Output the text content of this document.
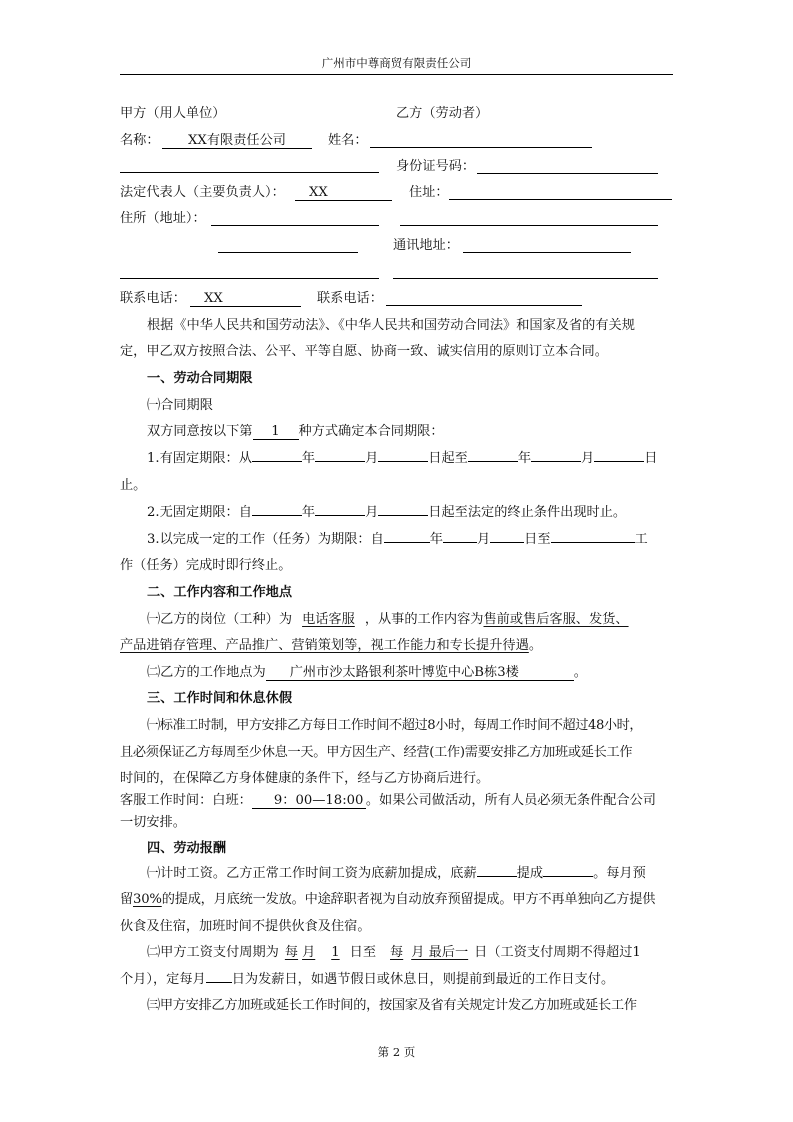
广州市中尊商贸有限责任公司
甲方（用人单位）	乙方（劳动者）
名称：	XX有限责任公司	姓名：
身份证号码：
法定代表人（主要负责人）：	XX	住址：
住所（地址）：
通讯地址：
联系电话：	XX	联系电话：
根据《中华人民共和国劳动法》、《中华人民共和国劳动合同法》和国家及省的有关规
定，甲乙双方按照合法、公平、平等自愿、协商一致、诚实信用的原则订立本合同。
一、劳动合同期限
㈠合同期限
双方同意按以下第 1 种方式确定本合同期限：
1.有固定期限：从	年	月	日起至	年	月	日
止。
2.无固定期限：自	年	月	日起至法定的终止条件出现时止。
3.以完成一定的工作（任务）为期限：自	年	月	日至	工
作（任务）完成时即行终止。
二、工作内容和工作地点
㈠乙方的岗位（工种）为 电话客服 ，从事的工作内容为售前或售后客服、发货、
产品进销存管理、产品推广、营销策划等，视工作能力和专长提升待遇。
㈡乙方的工作地点为 广州市沙太路银利茶叶博览中心B栋3楼	。
三、工作时间和休息休假
㈠标准工时制，甲方安排乙方每日工作时间不超过8小时，每周工作时间不超过48小时，
且必须保证乙方每周至少休息一天。甲方因生产、经营(工作)需要安排乙方加班或延长工作
时间的，在保障乙方身体健康的条件下，经与乙方协商后进行。
客服工作时间：白班： 9：00—18:00 。如果公司做活动，所有人员必须无条件配合公司
一切安排。
四、劳动报酬
㈠计时工资。乙方正常工作时间工资为底薪加提成，底薪	提成	。每月预
留30%的提成，月底统一发放。中途辞职者视为自动放弃预留提成。甲方不再单独向乙方提供
伙食及住宿，加班时间不提供伙食及住宿。
㈡甲方工资支付周期为 每 月 1 日至 每 月 最后一 日（工资支付周期不得超过1
个月），定每月 日为发薪日，如遇节假日或休息日，则提前到最近的工作日支付。
㈢甲方安排乙方加班或延长工作时间的，按国家及省有关规定计发乙方加班或延长工作
第 2 页
